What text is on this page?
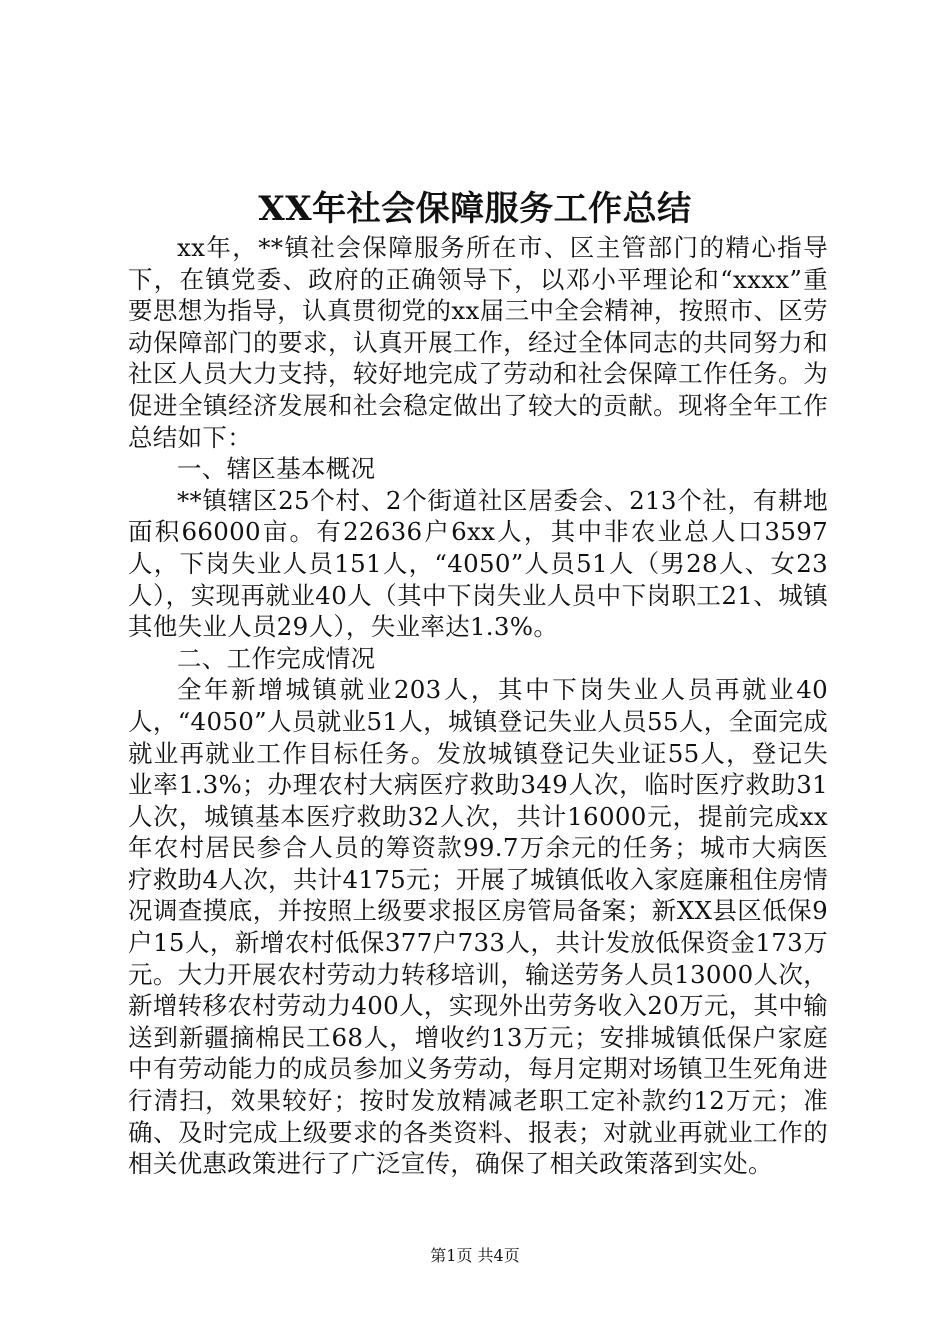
XX年社会保障服务工作总结

xx年，**镇社会保障服务所在市、区主管部门的精心指导下，在镇党委、政府的正确领导下，以邓小平理论和“xxxx”重要思想为指导，认真贯彻党的xx届三中全会精神，按照市、区劳动保障部门的要求，认真开展工作，经过全体同志的共同努力和社区人员大力支持，较好地完成了劳动和社会保障工作任务。为促进全镇经济发展和社会稳定做出了较大的贡献。现将全年工作总结如下：

一、辖区基本概况

**镇辖区25个村、2个街道社区居委会、213个社，有耕地面积66000亩。有22636户6xx人，其中非农业总人口3597人，下岗失业人员151人，“4050”人员51人（男28人、女23人），实现再就业40人（其中下岗失业人员中下岗职工21、城镇其他失业人员29人），失业率达1.3%。

二、工作完成情况

全年新增城镇就业203人，其中下岗失业人员再就业40人，“4050”人员就业51人，城镇登记失业人员55人，全面完成就业再就业工作目标任务。发放城镇登记失业证55人，登记失业率1.3%；办理农村大病医疗救助349人次，临时医疗救助31人次，城镇基本医疗救助32人次，共计16000元，提前完成xx年农村居民参合人员的筹资款99.7万余元的任务；城市大病医疗救助4人次，共计4175元；开展了城镇低收入家庭廉租住房情况调查摸底，并按照上级要求报区房管局备案；新XX县区低保9户15人，新增农村低保377户733人，共计发放低保资金173万元。大力开展农村劳动力转移培训，输送劳务人员13000人次，新增转移农村劳动力400人，实现外出劳务收入20万元，其中输送到新疆摘棉民工68人，增收约13万元；安排城镇低保户家庭中有劳动能力的成员参加义务劳动，每月定期对场镇卫生死角进行清扫，效果较好；按时发放精减老职工定补款约12万元；准确、及时完成上级要求的各类资料、报表；对就业再就业工作的相关优惠政策进行了广泛宣传，确保了相关政策落到实处。

第1页 共4页
